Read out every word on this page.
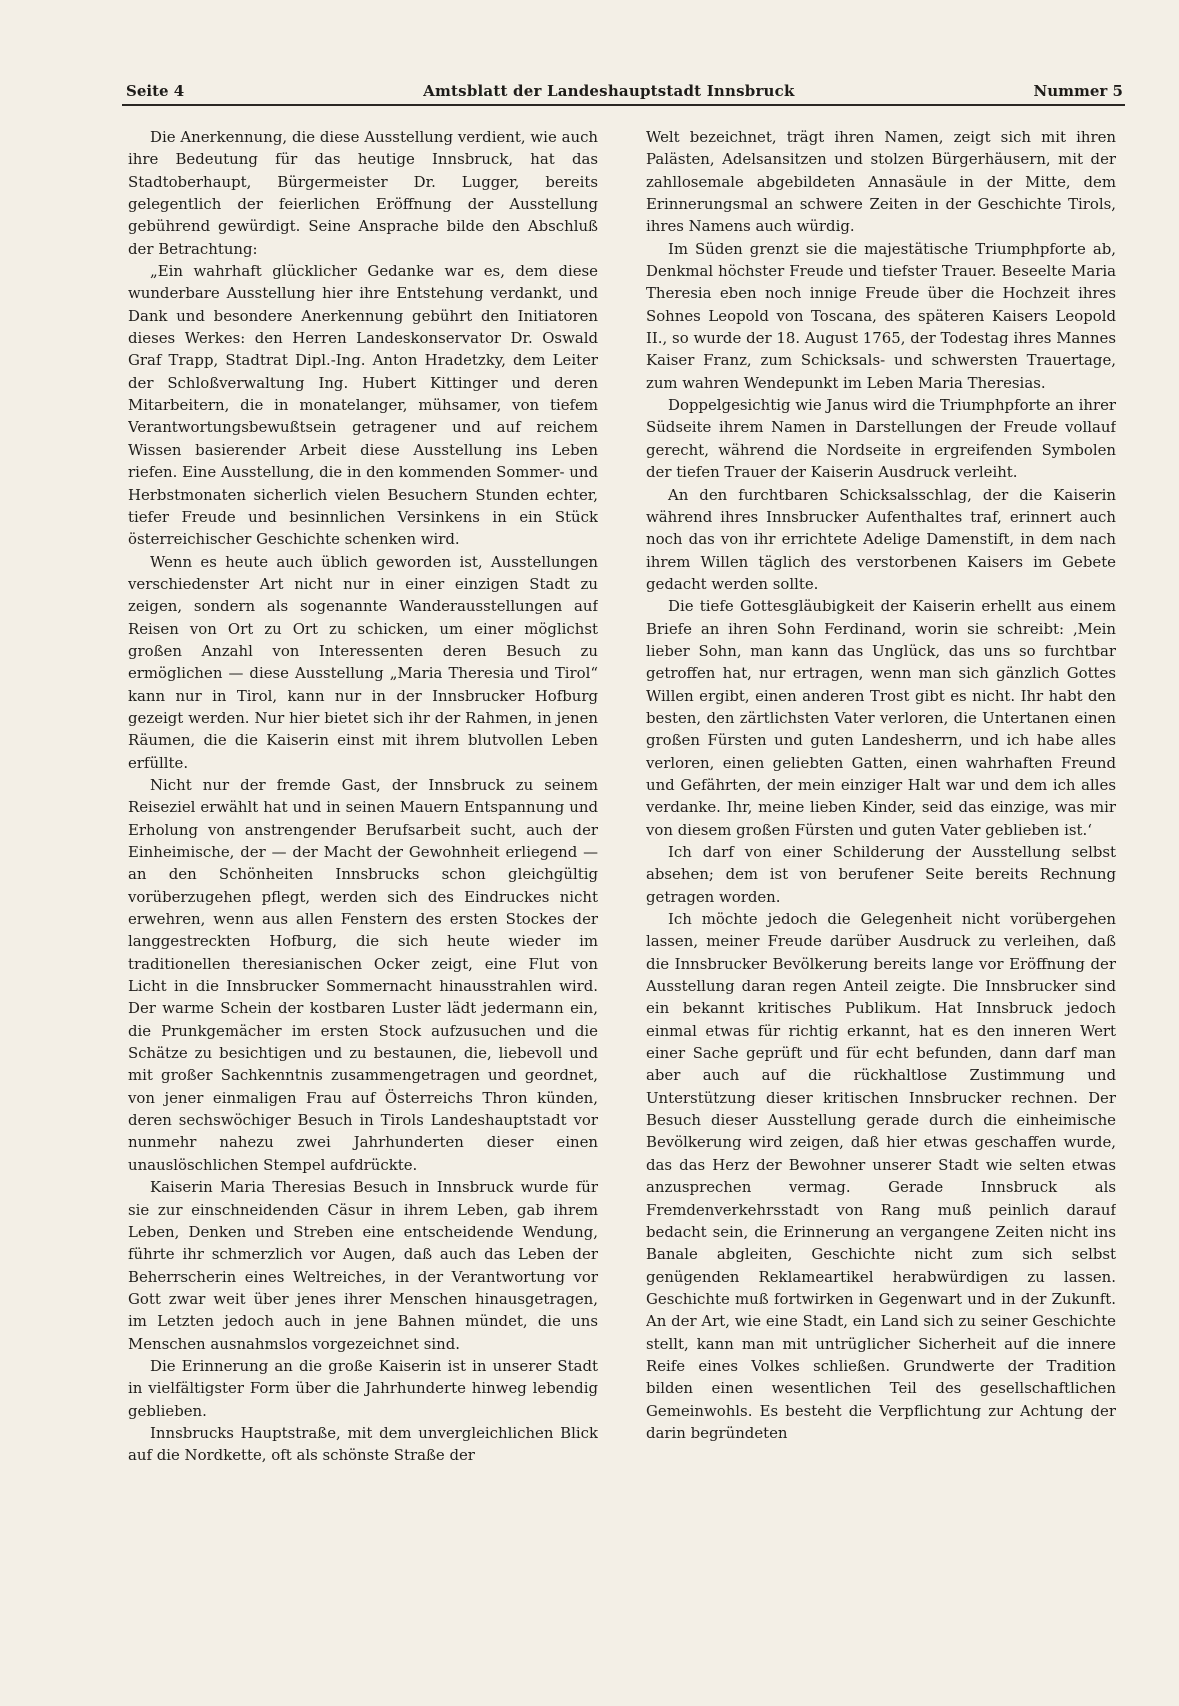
Seite 4	Amtsblatt der Landeshauptstadt Innsbruck	Nummer 5

Die Anerkennung, die diese Ausstellung verdient, wie auch ihre Bedeutung für das heutige Innsbruck, hat das Stadtoberhaupt, Bürgermeister Dr. Lugger, bereits gelegentlich der feierlichen Eröffnung der Ausstellung gebührend gewürdigt. Seine Ansprache bilde den Abschluß der Betrachtung:

„Ein wahrhaft glücklicher Gedanke war es, dem diese wunderbare Ausstellung hier ihre Entstehung verdankt, und Dank und besondere Anerkennung gebührt den Initiatoren dieses Werkes: den Herren Landeskonservator Dr. Oswald Graf Trapp, Stadtrat Dipl.-Ing. Anton Hradetzky, dem Leiter der Schloßverwaltung Ing. Hubert Kittinger und deren Mitarbeitern, die in monatelanger, mühsamer, von tiefem Verantwortungsbewußtsein getragener und auf reichem Wissen basierender Arbeit diese Ausstellung ins Leben riefen. Eine Ausstellung, die in den kommenden Sommer- und Herbstmonaten sicherlich vielen Besuchern Stunden echter, tiefer Freude und besinnlichen Versinkens in ein Stück österreichischer Geschichte schenken wird.

Wenn es heute auch üblich geworden ist, Ausstellungen verschiedenster Art nicht nur in einer einzigen Stadt zu zeigen, sondern als sogenannte Wanderausstellungen auf Reisen von Ort zu Ort zu schicken, um einer möglichst großen Anzahl von Interessenten deren Besuch zu ermöglichen — diese Ausstellung „Maria Theresia und Tirol“ kann nur in Tirol, kann nur in der Innsbrucker Hofburg gezeigt werden. Nur hier bietet sich ihr der Rahmen, in jenen Räumen, die die Kaiserin einst mit ihrem blutvollen Leben erfüllte.

Nicht nur der fremde Gast, der Innsbruck zu seinem Reiseziel erwählt hat und in seinen Mauern Entspannung und Erholung von anstrengender Berufsarbeit sucht, auch der Einheimische, der — der Macht der Gewohnheit erliegend — an den Schönheiten Innsbrucks schon gleichgültig vorüberzugehen pflegt, werden sich des Eindruckes nicht erwehren, wenn aus allen Fenstern des ersten Stockes der langgestreckten Hofburg, die sich heute wieder im traditionellen theresianischen Ocker zeigt, eine Flut von Licht in die Innsbrucker Sommernacht hinausstrahlen wird. Der warme Schein der kostbaren Luster lädt jedermann ein, die Prunkgemächer im ersten Stock aufzusuchen und die Schätze zu besichtigen und zu bestaunen, die, liebevoll und mit großer Sachkenntnis zusammengetragen und geordnet, von jener einmaligen Frau auf Österreichs Thron künden, deren sechswöchiger Besuch in Tirols Landeshauptstadt vor nunmehr nahezu zwei Jahrhunderten dieser einen unauslöschlichen Stempel aufdrückte.

Kaiserin Maria Theresias Besuch in Innsbruck wurde für sie zur einschneidenden Cäsur in ihrem Leben, gab ihrem Leben, Denken und Streben eine entscheidende Wendung, führte ihr schmerzlich vor Augen, daß auch das Leben der Beherrscherin eines Weltreiches, in der Verantwortung vor Gott zwar weit über jenes ihrer Menschen hinausgetragen, im Letzten jedoch auch in jene Bahnen mündet, die uns Menschen ausnahmslos vorgezeichnet sind.

Die Erinnerung an die große Kaiserin ist in unserer Stadt in vielfältigster Form über die Jahrhunderte hinweg lebendig geblieben.

Innsbrucks Hauptstraße, mit dem unvergleichlichen Blick auf die Nordkette, oft als schönste Straße der

Welt bezeichnet, trägt ihren Namen, zeigt sich mit ihren Palästen, Adelsansitzen und stolzen Bürgerhäusern, mit der zahllosemale abgebildeten Annasäule in der Mitte, dem Erinnerungsmal an schwere Zeiten in der Geschichte Tirols, ihres Namens auch würdig.

Im Süden grenzt sie die majestätische Triumphpforte ab, Denkmal höchster Freude und tiefster Trauer. Beseelte Maria Theresia eben noch innige Freude über die Hochzeit ihres Sohnes Leopold von Toscana, des späteren Kaisers Leopold II., so wurde der 18. August 1765, der Todestag ihres Mannes Kaiser Franz, zum Schicksals- und schwersten Trauertage, zum wahren Wendepunkt im Leben Maria Theresias.

Doppelgesichtig wie Janus wird die Triumphpforte an ihrer Südseite ihrem Namen in Darstellungen der Freude vollauf gerecht, während die Nordseite in ergreifenden Symbolen der tiefen Trauer der Kaiserin Ausdruck verleiht.

An den furchtbaren Schicksalsschlag, der die Kaiserin während ihres Innsbrucker Aufenthaltes traf, erinnert auch noch das von ihr errichtete Adelige Damenstift, in dem nach ihrem Willen täglich des verstorbenen Kaisers im Gebete gedacht werden sollte.

Die tiefe Gottesgläubigkeit der Kaiserin erhellt aus einem Briefe an ihren Sohn Ferdinand, worin sie schreibt: ‚Mein lieber Sohn, man kann das Unglück, das uns so furchtbar getroffen hat, nur ertragen, wenn man sich gänzlich Gottes Willen ergibt, einen anderen Trost gibt es nicht. Ihr habt den besten, den zärtlichsten Vater verloren, die Untertanen einen großen Fürsten und guten Landesherrn, und ich habe alles verloren, einen geliebten Gatten, einen wahrhaften Freund und Gefährten, der mein einziger Halt war und dem ich alles verdanke. Ihr, meine lieben Kinder, seid das einzige, was mir von diesem großen Fürsten und guten Vater geblieben ist.‘

Ich darf von einer Schilderung der Ausstellung selbst absehen; dem ist von berufener Seite bereits Rechnung getragen worden.

Ich möchte jedoch die Gelegenheit nicht vorübergehen lassen, meiner Freude darüber Ausdruck zu verleihen, daß die Innsbrucker Bevölkerung bereits lange vor Eröffnung der Ausstellung daran regen Anteil zeigte. Die Innsbrucker sind ein bekannt kritisches Publikum. Hat Innsbruck jedoch einmal etwas für richtig erkannt, hat es den inneren Wert einer Sache geprüft und für echt befunden, dann darf man aber auch auf die rückhaltlose Zustimmung und Unterstützung dieser kritischen Innsbrucker rechnen. Der Besuch dieser Ausstellung gerade durch die einheimische Bevölkerung wird zeigen, daß hier etwas geschaffen wurde, das das Herz der Bewohner unserer Stadt wie selten etwas anzusprechen vermag. Gerade Innsbruck als Fremdenverkehrsstadt von Rang muß peinlich darauf bedacht sein, die Erinnerung an vergangene Zeiten nicht ins Banale abgleiten, Geschichte nicht zum sich selbst genügenden Reklameartikel herabwürdigen zu lassen. Geschichte muß fortwirken in Gegenwart und in der Zukunft. An der Art, wie eine Stadt, ein Land sich zu seiner Geschichte stellt, kann man mit untrüglicher Sicherheit auf die innere Reife eines Volkes schließen. Grundwerte der Tradition bilden einen wesentlichen Teil des gesellschaftlichen Gemeinwohls. Es besteht die Verpflichtung zur Achtung der darin begründeten
